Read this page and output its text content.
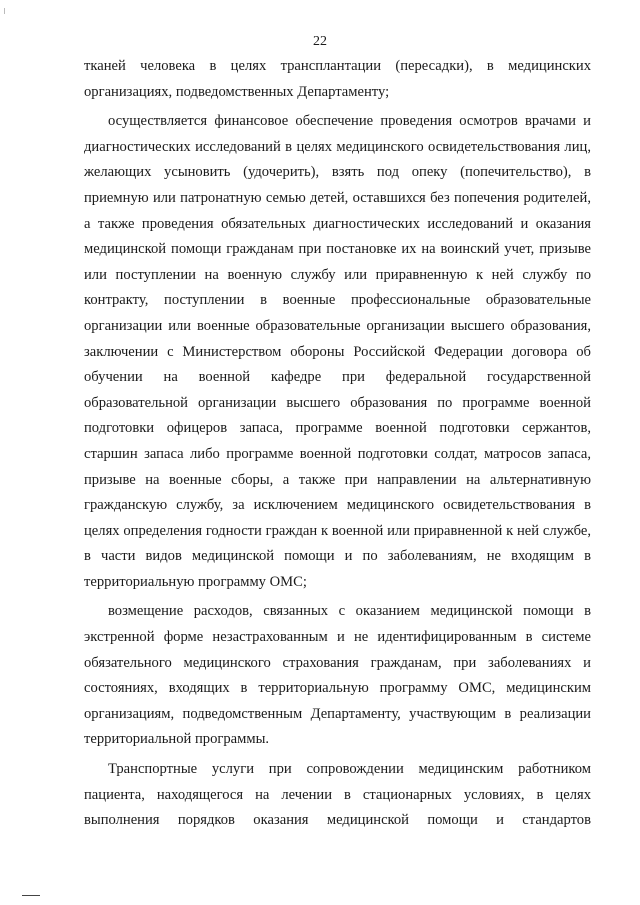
22

тканей человека в целях трансплантации (пересадки), в медицинских организациях, подведомственных Департаменту;

осуществляется финансовое обеспечение проведения осмотров врачами и диагностических исследований в целях медицинского освидетельствования лиц, желающих усыновить (удочерить), взять под опеку (попечительство), в приемную или патронатную семью детей, оставшихся без попечения родителей, а также проведения обязательных диагностических исследований и оказания медицинской помощи гражданам при постановке их на воинский учет, призыве или поступлении на военную службу или приравненную к ней службу по контракту, поступлении в военные профессиональные образовательные организации или военные образовательные организации высшего образования, заключении с Министерством обороны Российской Федерации договора об обучении на военной кафедре при федеральной государственной образовательной организации высшего образования по программе военной подготовки офицеров запаса, программе военной подготовки сержантов, старшин запаса либо программе военной подготовки солдат, матросов запаса, призыве на военные сборы, а также при направлении на альтернативную гражданскую службу, за исключением медицинского освидетельствования в целях определения годности граждан к военной или приравненной к ней службе, в части видов медицинской помощи и по заболеваниям, не входящим в территориальную программу ОМС;

возмещение расходов, связанных с оказанием медицинской помощи в экстренной форме незастрахованным и не идентифицированным в системе обязательного медицинского страхования гражданам, при заболеваниях и состояниях, входящих в территориальную программу ОМС, медицинским организациям, подведомственным Департаменту, участвующим в реализации территориальной программы.

Транспортные услуги при сопровождении медицинским работником пациента, находящегося на лечении в стационарных условиях, в целях выполнения порядков оказания медицинской помощи и стандартов
